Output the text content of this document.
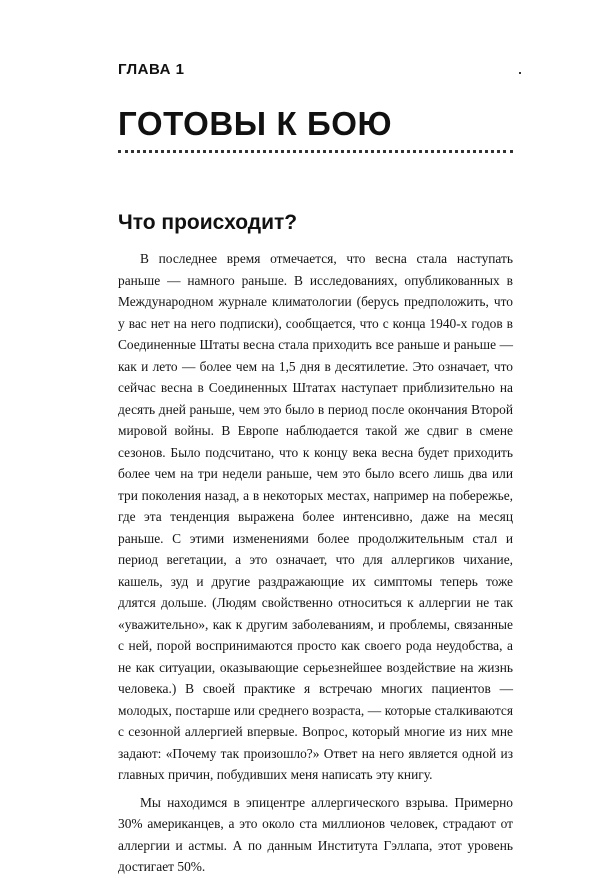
ГЛАВА 1
ГОТОВЫ К БОЮ
Что происходит?

В последнее время отмечается, что весна стала наступать раньше — намного раньше. В исследованиях, опубликованных в Международном журнале климатологии (берусь предположить, что у вас нет на него подписки), сообщается, что с конца 1940-х годов в Соединенные Штаты весна стала приходить все раньше и раньше — как и лето — более чем на 1,5 дня в десятилетие. Это означает, что сейчас весна в Соединенных Штатах наступает приблизительно на десять дней раньше, чем это было в период после окончания Второй мировой войны. В Европе наблюдается такой же сдвиг в смене сезонов. Было подсчитано, что к концу века весна будет приходить более чем на три недели раньше, чем это было всего лишь два или три поколения назад, а в некоторых местах, например на побережье, где эта тенденция выражена более интенсивно, даже на месяц раньше. С этими изменениями более продолжительным стал и период вегетации, а это означает, что для аллергиков чихание, кашель, зуд и другие раздражающие их симптомы теперь тоже длятся дольше. (Людям свойственно относиться к аллергии не так «уважительно», как к другим заболеваниям, и проблемы, связанные с ней, порой воспринимаются просто как своего рода неудобства, а не как ситуации, оказывающие серьезнейшее воздействие на жизнь человека.) В своей практике я встречаю многих пациентов — молодых, постарше или среднего возраста, — которые сталкиваются с сезонной аллергией впервые. Вопрос, который многие из них мне задают: «Почему так произошло?» Ответ на него является одной из главных причин, побудивших меня написать эту книгу.

Мы находимся в эпицентре аллергического взрыва. Примерно 30% американцев, а это около ста миллионов человек, страдают от аллергии и астмы. А по данным Института Гэллапа, этот уровень достигает 50%.
